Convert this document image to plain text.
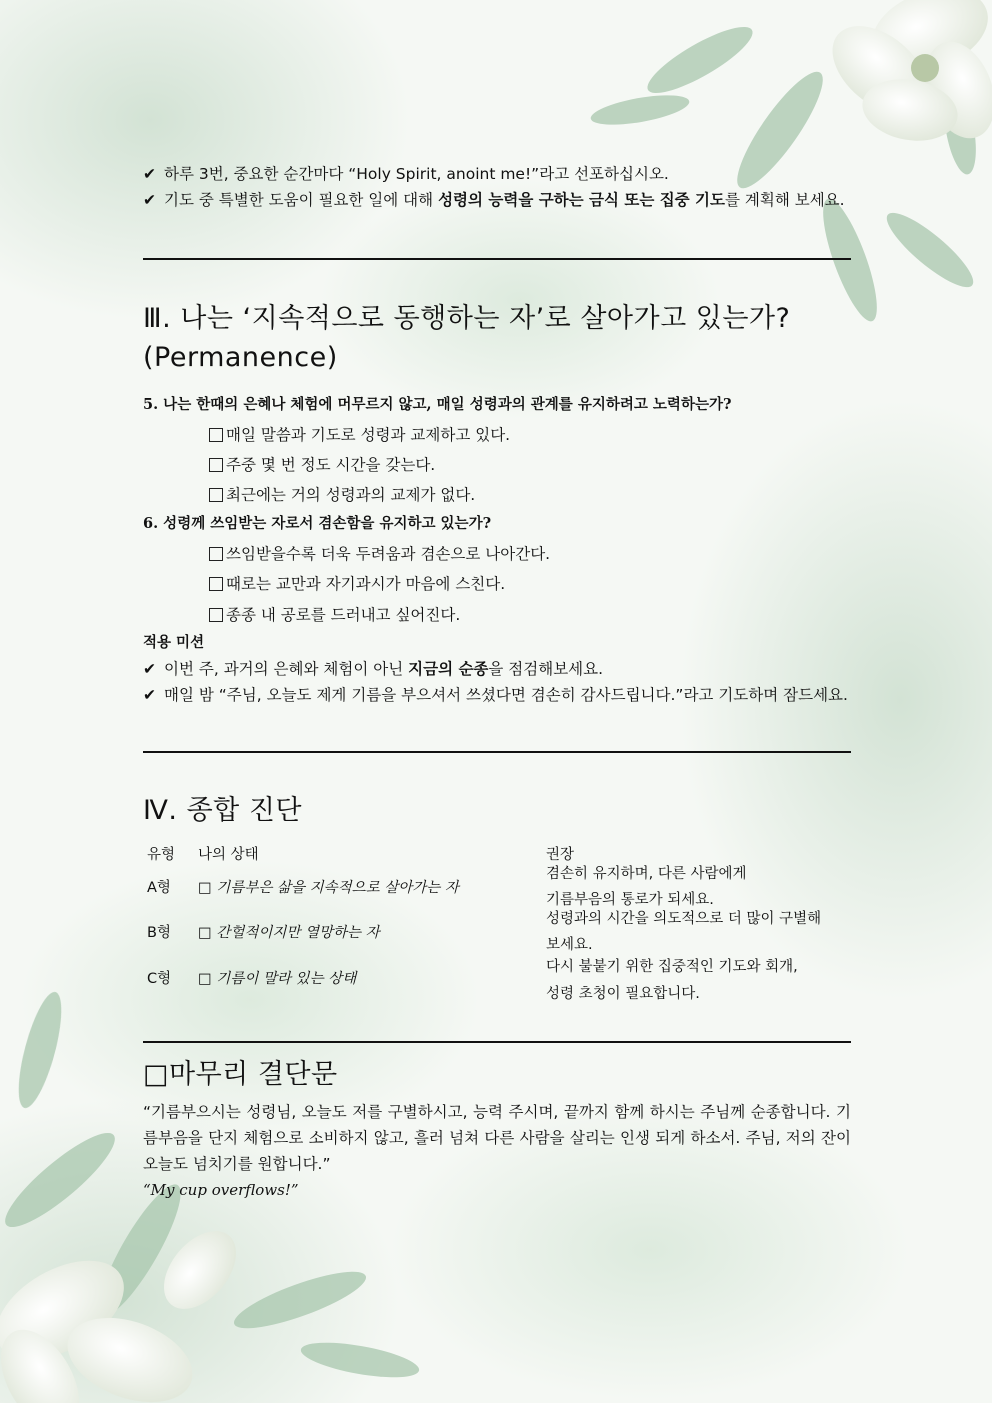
✔ 하루 3번, 중요한 순간마다 “Holy Spirit, anoint me!”라고 선포하십시오.
✔ 기도 중 특별한 도움이 필요한 일에 대해 성령의 능력을 구하는 금식 또는 집중 기도를 계획해 보세요.
Ⅲ. 나는 ‘지속적으로 동행하는 자’로 살아가고 있는가?
(Permanence)
5. 나는 한때의 은혜나 체험에 머무르지 않고, 매일 성령과의 관계를 유지하려고 노력하는가?
매일 말씀과 기도로 성령과 교제하고 있다.
주중 몇 번 정도 시간을 갖는다.
최근에는 거의 성령과의 교제가 없다.
6. 성령께 쓰임받는 자로서 겸손함을 유지하고 있는가?
쓰임받을수록 더욱 두려움과 겸손으로 나아간다.
때로는 교만과 자기과시가 마음에 스친다.
종종 내 공로를 드러내고 싶어진다.
적용 미션
✔ 이번 주, 과거의 은혜와 체험이 아닌 지금의 순종을 점검해보세요.
✔ 매일 밤 “주님, 오늘도 제게 기름을 부으셔서 쓰셨다면 겸손히 감사드립니다.”라고 기도하며 잠드세요.
Ⅳ. 종합 진단
유형 나의 상태	권장
A형 □ 기름부은 삶을 지속적으로 살아가는 자
B형 □ 간헐적이지만 열망하는 자
C형 □ 기름이 말라 있는 상태
겸손히 유지하며, 다른 사람에게
기름부음의 통로가 되세요.
성령과의 시간을 의도적으로 더 많이 구별해
보세요.
다시 불붙기 위한 집중적인 기도와 회개,
성령 초청이 필요합니다.
□마무리 결단문
“기름부으시는 성령님, 오늘도 저를 구별하시고, 능력 주시며, 끝까지 함께 하시는 주님께 순종합니다. 기름부음을 단지 체험으로 소비하지 않고, 흘러 넘쳐 다른 사람을 살리는 인생 되게 하소서. 주님, 저의 잔이 오늘도 넘치기를 원합니다.”
“My cup overflows!”
